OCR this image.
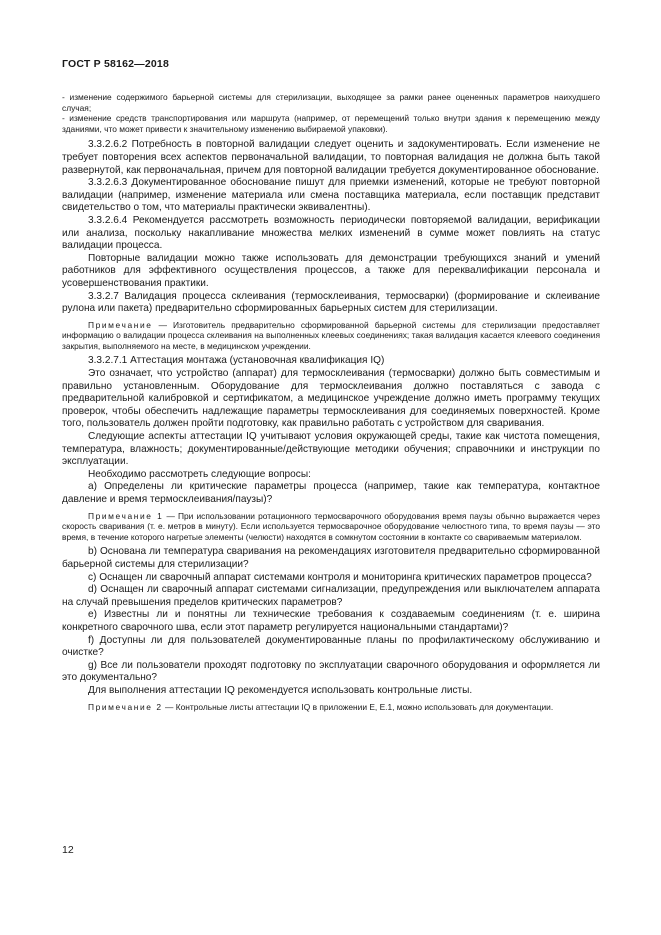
ГОСТ Р 58162—2018

- изменение содержимого барьерной системы для стерилизации, выходящее за рамки ранее оцененных параметров наихудшего случая;

- изменение средств транспортирования или маршрута (например, от перемещений только внутри здания к перемещению между зданиями, что может привести к значительному изменению выбираемой упаковки).

3.3.2.6.2 Потребность в повторной валидации следует оценить и задокументировать. Если изменение не требует повторения всех аспектов первоначальной валидации, то повторная валидация не должна быть такой развернутой, как первоначальная, причем для повторной валидации требуется документированное обоснование.

3.3.2.6.3 Документированное обоснование пишут для приемки изменений, которые не требуют повторной валидации (например, изменение материала или смена поставщика материала, если поставщик представит свидетельство о том, что материалы практически эквивалентны).

3.3.2.6.4 Рекомендуется рассмотреть возможность периодически повторяемой валидации, верификации или анализа, поскольку накапливание множества мелких изменений в сумме может повлиять на статус валидации процесса.

Повторные валидации можно также использовать для демонстрации требующихся знаний и умений работников для эффективного осуществления процессов, а также для переквалификации персонала и усовершенствования практики.

3.3.2.7 Валидация процесса склеивания (термосклеивания, термосварки) (формирование и склеивание рулона или пакета) предварительно сформированных барьерных систем для стерилизации.

Примечание — Изготовитель предварительно сформированной барьерной системы для стерилизации предоставляет информацию о валидации процесса склеивания на выполненных клеевых соединениях; такая валидация касается клеевого соединения закрытия, выполняемого на месте, в медицинском учреждении.

3.3.2.7.1 Аттестация монтажа (установочная квалификация IQ)

Это означает, что устройство (аппарат) для термосклеивания (термосварки) должно быть совместимым и правильно установленным. Оборудование для термосклеивания должно поставляться с завода с предварительной калибровкой и сертификатом, а медицинское учреждение должно иметь программу текущих проверок, чтобы обеспечить надлежащие параметры термосклеивания для соединяемых поверхностей. Кроме того, пользователь должен пройти подготовку, как правильно работать с устройством для сваривания.

Следующие аспекты аттестации IQ учитывают условия окружающей среды, такие как чистота помещения, температура, влажность; документированные/действующие методики обучения; справочники и инструкции по эксплуатации.

Необходимо рассмотреть следующие вопросы:

а) Определены ли критические параметры процесса (например, такие как температура, контактное давление и время термосклеивания/паузы)?

Примечание 1 — При использовании ротационного термосварочного оборудования время паузы обычно выражается через скорость сваривания (т. е. метров в минуту). Если используется термосварочное оборудование челюстного типа, то время паузы — это время, в течение которого нагретые элементы (челюсти) находятся в сомкнутом состоянии в контакте со свариваемым материалом.

b) Основана ли температура сваривания на рекомендациях изготовителя предварительно сформированной барьерной системы для стерилизации?

c) Оснащен ли сварочный аппарат системами контроля и мониторинга критических параметров процесса?

d) Оснащен ли сварочный аппарат системами сигнализации, предупреждения или выключателем аппарата на случай превышения пределов критических параметров?

е) Известны ли и понятны ли технические требования к создаваемым соединениям (т. е. ширина конкретного сварочного шва, если этот параметр регулируется национальными стандартами)?

f) Доступны ли для пользователей документированные планы по профилактическому обслуживанию и очистке?

g) Все ли пользователи проходят подготовку по эксплуатации сварочного оборудования и оформляется ли это документально?

Для выполнения аттестации IQ рекомендуется использовать контрольные листы.

Примечание 2 — Контрольные листы аттестации IQ в приложении E, E.1, можно использовать для документации.

12
